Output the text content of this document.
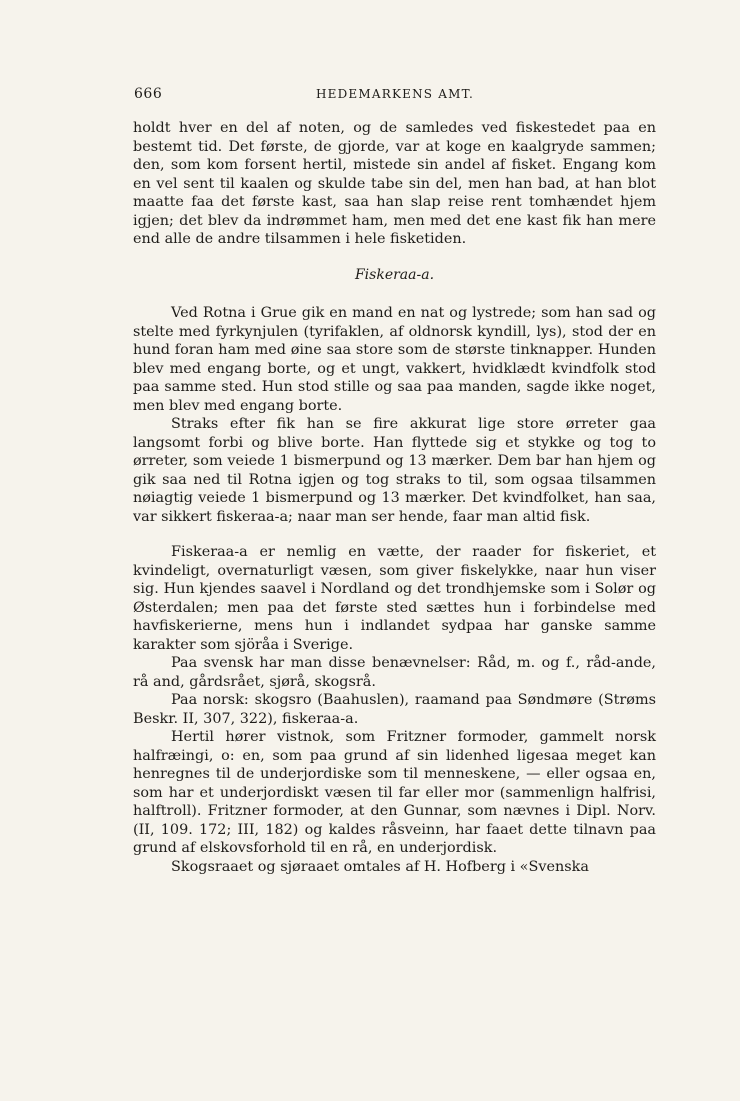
666	HEDEMARKENS AMT.

holdt hver en del af noten, og de samledes ved fiskestedet paa en bestemt tid. Det første, de gjorde, var at koge en kaalgryde sammen; den, som kom forsent hertil, mistede sin andel af fisket. Engang kom en vel sent til kaalen og skulde tabe sin del, men han bad, at han blot maatte faa det første kast, saa han slap reise rent tomhændet hjem igjen; det blev da indrømmet ham, men med det ene kast fik han mere end alle de andre tilsammen i hele fisketiden.

Fiskeraa-a.

Ved Rotna i Grue gik en mand en nat og lystrede; som han sad og stelte med fyrkynjulen (tyrifaklen, af oldnorsk kyndill, lys), stod der en hund foran ham med øine saa store som de største tinknapper. Hunden blev med engang borte, og et ungt, vakkert, hvidklædt kvindfolk stod paa samme sted. Hun stod stille og saa paa manden, sagde ikke noget, men blev med engang borte.

Straks efter fik han se fire akkurat lige store ørreter gaa langsomt forbi og blive borte. Han flyttede sig et stykke og tog to ørreter, som veiede 1 bismerpund og 13 mærker. Dem bar han hjem og gik saa ned til Rotna igjen og tog straks to til, som ogsaa tilsammen nøiagtig veiede 1 bismerpund og 13 mærker. Det kvindfolket, han saa, var sikkert fiskeraa-a; naar man ser hende, faar man altid fisk.

Fiskeraa-a er nemlig en vætte, der raader for fiskeriet, et kvindeligt, overnaturligt væsen, som giver fiskelykke, naar hun viser sig. Hun kjendes saavel i Nordland og det trondhjemske som i Solør og Østerdalen; men paa det første sted sættes hun i forbindelse med havfiskerierne, mens hun i indlandet sydpaa har ganske samme karakter som sjöråa i Sverige.

Paa svensk har man disse benævnelser: Råd, m. og f., råd-ande, rå and, gårdsrået, sjørå, skogsrå.

Paa norsk: skogsro (Baahuslen), raamand paa Søndmøre (Strøms Beskr. II, 307, 322), fiskeraa-a.

Hertil hører vistnok, som Fritzner formoder, gammelt norsk halfræingi, o: en, som paa grund af sin lidenhed ligesaa meget kan henregnes til de underjordiske som til menneskene, — eller ogsaa en, som har et underjordiskt væsen til far eller mor (sammenlign halfrisi, halftroll). Fritzner formoder, at den Gunnar, som nævnes i Dipl. Norv. (II, 109. 172; III, 182) og kaldes råsveinn, har faaet dette tilnavn paa grund af elskovsforhold til en rå, en underjordisk.

Skogsraaet og sjøraaet omtales af H. Hofberg i «Svenska
